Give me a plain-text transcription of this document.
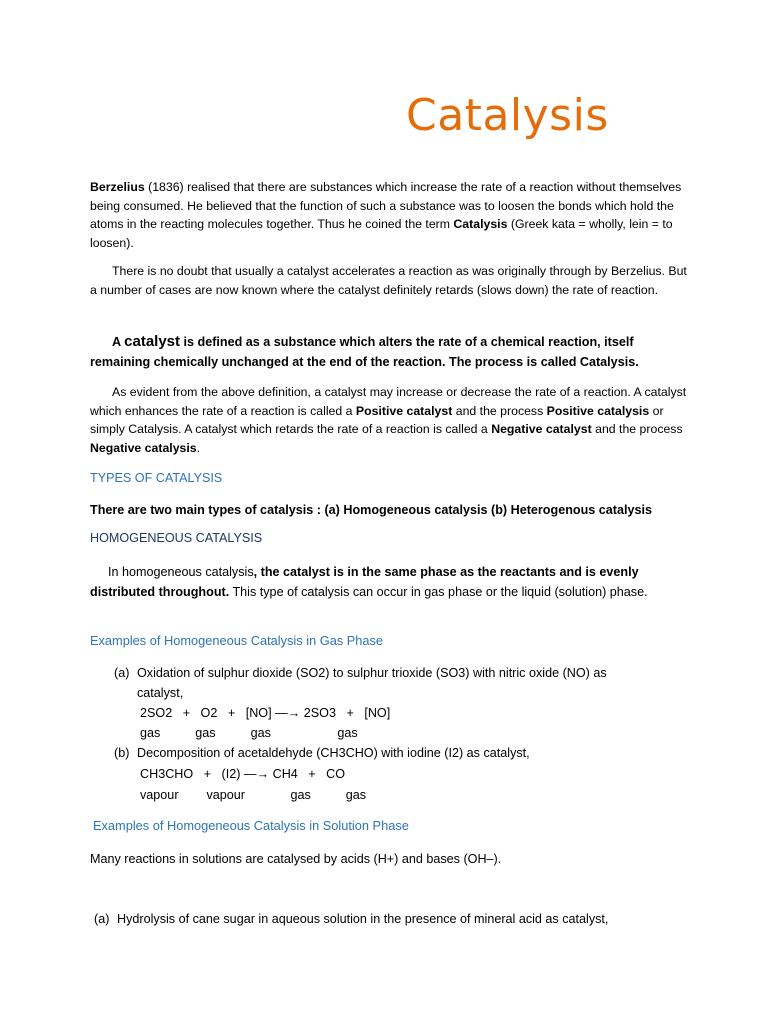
Catalysis

Berzelius (1836) realised that there are substances which increase the rate of a reaction without themselves being consumed. He believed that the function of such a substance was to loosen the bonds which hold the atoms in the reacting molecules together. Thus he coined the term Catalysis (Greek kata = wholly, lein = to loosen).

There is no doubt that usually a catalyst accelerates a reaction as was originally through by Berzelius. But a number of cases are now known where the catalyst definitely retards (slows down) the rate of reaction.

A catalyst is defined as a substance which alters the rate of a chemical reaction, itself remaining chemically unchanged at the end of the reaction. The process is called Catalysis.

As evident from the above definition, a catalyst may increase or decrease the rate of a reaction. A catalyst which enhances the rate of a reaction is called a Positive catalyst and the process Positive catalysis or simply Catalysis. A catalyst which retards the rate of a reaction is called a Negative catalyst and the process Negative catalysis.

TYPES OF CATALYSIS

There are two main types of catalysis : (a) Homogeneous catalysis (b) Heterogenous catalysis

HOMOGENEOUS CATALYSIS

In homogeneous catalysis, the catalyst is in the same phase as the reactants and is evenly distributed throughout. This type of catalysis can occur in gas phase or the liquid (solution) phase.

Examples of Homogeneous Catalysis in Gas Phase

(a) Oxidation of sulphur dioxide (SO2) to sulphur trioxide (SO3) with nitric oxide (NO) as
catalyst,
2SO2   +   O2   +   [NO] —→ 2SO3   +   [NO]
gas          gas          gas                   gas
(b) Decomposition of acetaldehyde (CH3CHO) with iodine (I2) as catalyst,
CH3CHO   +   (I2) —→ CH4   +   CO
vapour        vapour             gas          gas

Examples of Homogeneous Catalysis in Solution Phase

Many reactions in solutions are catalysed by acids (H+) and bases (OH–).

(a) Hydrolysis of cane sugar in aqueous solution in the presence of mineral acid as catalyst,
